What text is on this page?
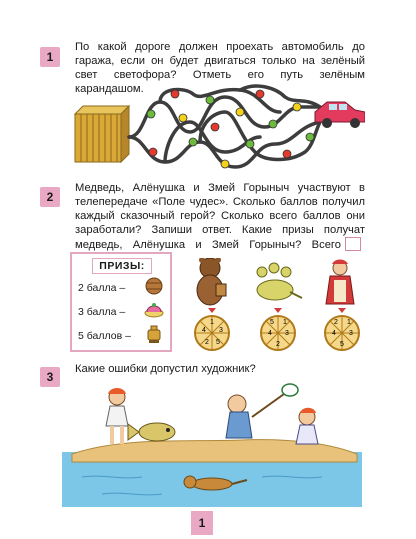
1

По какой дороге должен проехать автомобиль до гаража, если он будет двигаться только на зелёный свет светофора? Отметь его путь зелёным карандашом.

2

Медведь, Алёнушка и Змей Горыныч участвуют в телепередаче «Поле чудес». Сколько баллов получил каждый сказочный герой? Сколько всего баллов они заработали? Запиши ответ. Какие призы получат медведь, Алёнушка и Змей Горыныч? Всего

ПРИЗЫ:
2 балла –
3 балла –
5 баллов –
1
3
4
2 5
5 1
4 3
2
2 1
4 3
5
3

Какие ошибки допустил художник?

1
